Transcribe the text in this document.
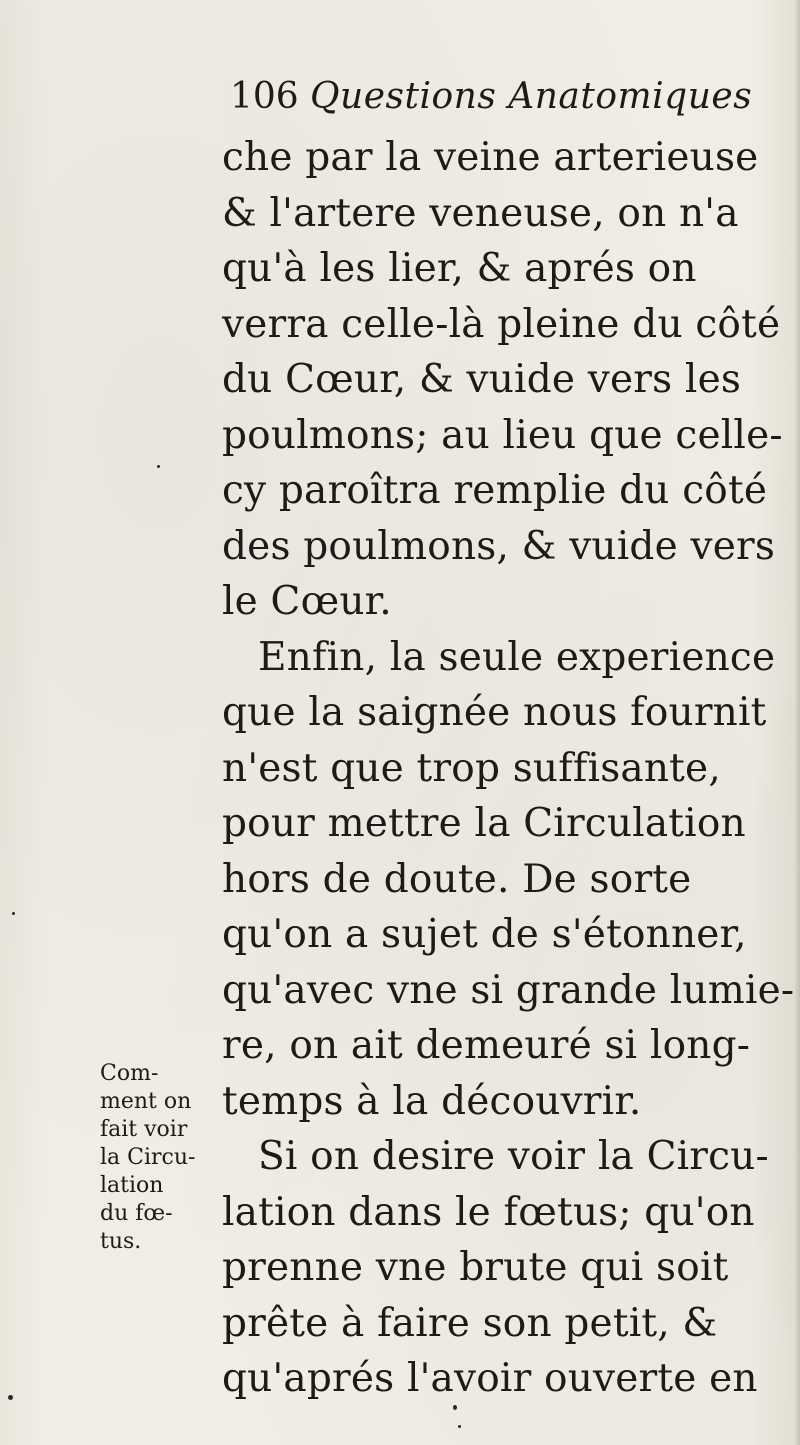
106 Questions Anatomiques
che par la veine arterieuse
& l'artere veneuse, on n'a
qu'à les lier, & aprés on
verra celle-là pleine du côté
du Cœur, & vuide vers les
poulmons; au lieu que celle-
cy paroîtra remplie du côté
des poulmons, & vuide vers
le Cœur.
Enfin, la seule experience
que la saignée nous fournit
n'est que trop suffisante,
pour mettre la Circulation
hors de doute. De sorte
qu'on a sujet de s'étonner,
qu'avec vne si grande lumie-
re, on ait demeuré si long-
temps à la découvrir.
Si on desire voir la Circu-
lation dans le fœtus; qu'on
prenne vne brute qui soit
prête à faire son petit, &
qu'aprés l'avoir ouverte en
Com-
ment on
fait voir
la Circu-
lation
du fœ-
tus.
